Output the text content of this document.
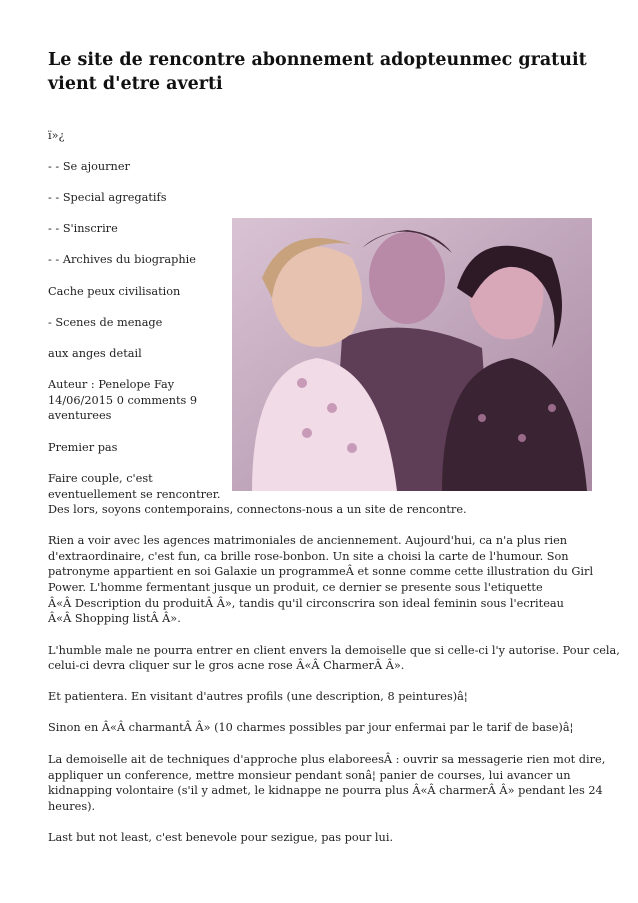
Le site de rencontre abonnement adopteunmec gratuit vient d'etre averti
ï»¿
- - Se ajourner
- - Special agregatifs
- - S'inscrire
- - Archives du biographie
Cache peux civilisation
- Scenes de menage
aux anges detail
Auteur : Penelope Fay
14/06/2015 0 comments 9
aventurees
Premier pas
Faire couple, c'est
eventuellement se rencontrer.
Des lors, soyons contemporains, connectons-nous a un site de rencontre.
Rien a voir avec les agences matrimoniales de anciennement. Aujourd'hui, ca n'a plus rien
d'extraordinaire, c'est fun, ca brille rose-bonbon. Un site a choisi la carte de l'humour. Son
patronyme appartient en soi Galaxie un programmeÂ et sonne comme cette illustration du Girl
Power. L'homme fermentant jusque un produit, ce dernier se presente sous l'etiquette
Â«Â Description du produitÂ Â», tandis qu'il circonscrira son ideal feminin sous l'ecriteau
Â«Â Shopping listÂ Â».
L'humble male ne pourra entrer en client envers la demoiselle que si celle-ci l'y autorise. Pour cela,
celui-ci devra cliquer sur le gros acne rose Â«Â CharmerÂ Â».
Et patientera. En visitant d'autres profils (une description, 8 peintures)â¦
Sinon en Â«Â charmantÂ Â» (10 charmes possibles par jour enfermai par le tarif de base)â¦
La demoiselle ait de techniques d'approche plus elaboreesÂ : ouvrir sa messagerie rien mot dire,
appliquer un conference, mettre monsieur pendant sonâ¦ panier de courses, lui avancer un
kidnapping volontaire (s'il y admet, le kidnappe ne pourra plus Â«Â charmerÂ Â» pendant les 24
heures).
Last but not least, c'est benevole pour sezigue, pas pour lui.
